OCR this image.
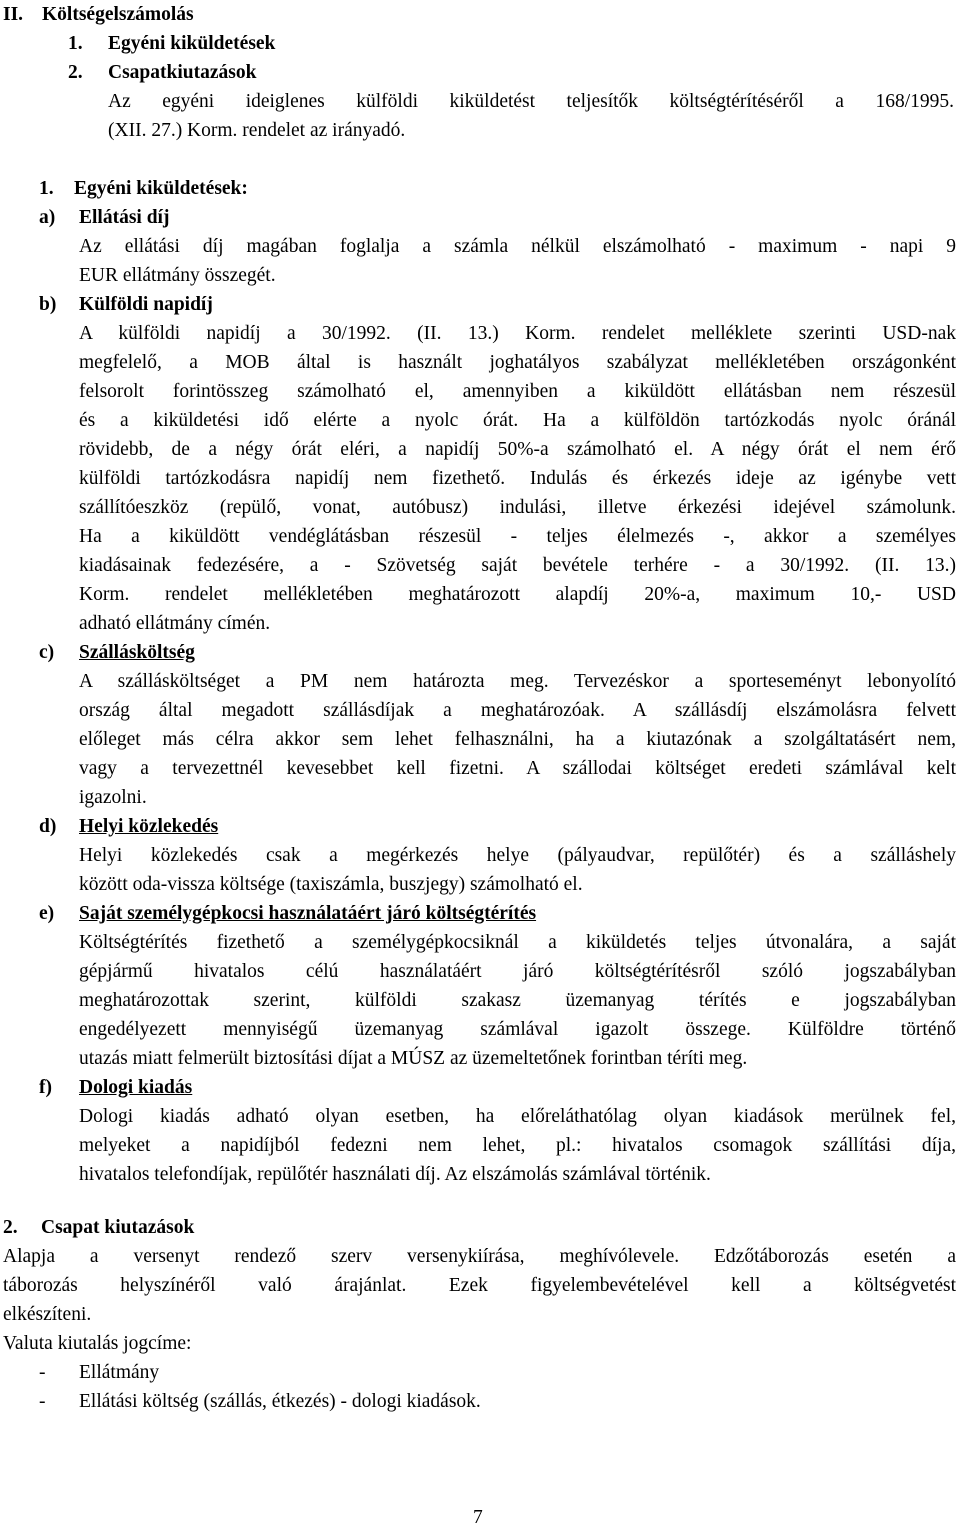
II. Költségelszámolás
1. Egyéni kiküldetések
2. Csapatkiutazások
Az egyéni ideiglenes külföldi kiküldetést teljesítők költségtérítéséről a 168/1995.
(XII. 27.) Korm. rendelet az irányadó.
1. Egyéni kiküldetések:
a) Ellátási díj
Az ellátási díj magában foglalja a számla nélkül elszámolható - maximum - napi 9
EUR ellátmány összegét.
b) Külföldi napidíj
A külföldi napidíj a 30/1992. (II. 13.) Korm. rendelet melléklete szerinti USD-nak
megfelelő, a MOB által is használt joghatályos szabályzat mellékletében országonként
felsorolt forintösszeg számolható el, amennyiben a kiküldött ellátásban nem részesül
és a kiküldetési idő elérte a nyolc órát. Ha a külföldön tartózkodás nyolc óránál
rövidebb, de a négy órát eléri, a napidíj 50%-a számolható el. A négy órát el nem érő
külföldi tartózkodásra napidíj nem fizethető. Indulás és érkezés ideje az igénybe vett
szállítóeszköz (repülő, vonat, autóbusz) indulási, illetve érkezési idejével számolunk.
Ha a kiküldött vendéglátásban részesül - teljes élelmezés -, akkor a személyes
kiadásainak fedezésére, a - Szövetség saját bevétele terhére - a 30/1992. (II. 13.)
Korm. rendelet mellékletében meghatározott alapdíj 20%-a, maximum 10,- USD
adható ellátmány címén.
c) Szállásköltség
A szállásköltséget a PM nem határozta meg. Tervezéskor a sporteseményt lebonyolító
ország által megadott szállásdíjak a meghatározóak. A szállásdíj elszámolásra felvett
előleget más célra akkor sem lehet felhasználni, ha a kiutazónak a szolgáltatásért nem,
vagy a tervezettnél kevesebbet kell fizetni. A szállodai költséget eredeti számlával kelt
igazolni.
d) Helyi közlekedés
Helyi közlekedés csak a megérkezés helye (pályaudvar, repülőtér) és a szálláshely
között oda-vissza költsége (taxiszámla, buszjegy) számolható el.
e) Saját személygépkocsi használatáért járó költségtérítés
Költségtérítés fizethető a személygépkocsiknál a kiküldetés teljes útvonalára, a saját
gépjármű hivatalos célú használatáért járó költségtérítésről szóló jogszabályban
meghatározottak szerint, külföldi szakasz üzemanyag térítés e jogszabályban
engedélyezett mennyiségű üzemanyag számlával igazolt összege. Külföldre történő
utazás miatt felmerült biztosítási díjat a MÚSZ az üzemeltetőnek forintban téríti meg.
f) Dologi kiadás
Dologi kiadás adható olyan esetben, ha előreláthatólag olyan kiadások merülnek fel,
melyeket a napidíjból fedezni nem lehet, pl.: hivatalos csomagok szállítási díja,
hivatalos telefondíjak, repülőtér használati díj. Az elszámolás számlával történik.
2. Csapat kiutazások
Alapja a versenyt rendező szerv versenykiírása, meghívólevele. Edzőtáborozás esetén a
táborozás helyszínéről való árajánlat. Ezek figyelembevételével kell a költségvetést
elkészíteni.
Valuta kiutalás jogcíme:
- Ellátmány
- Ellátási költség (szállás, étkezés) - dologi kiadások.
7
